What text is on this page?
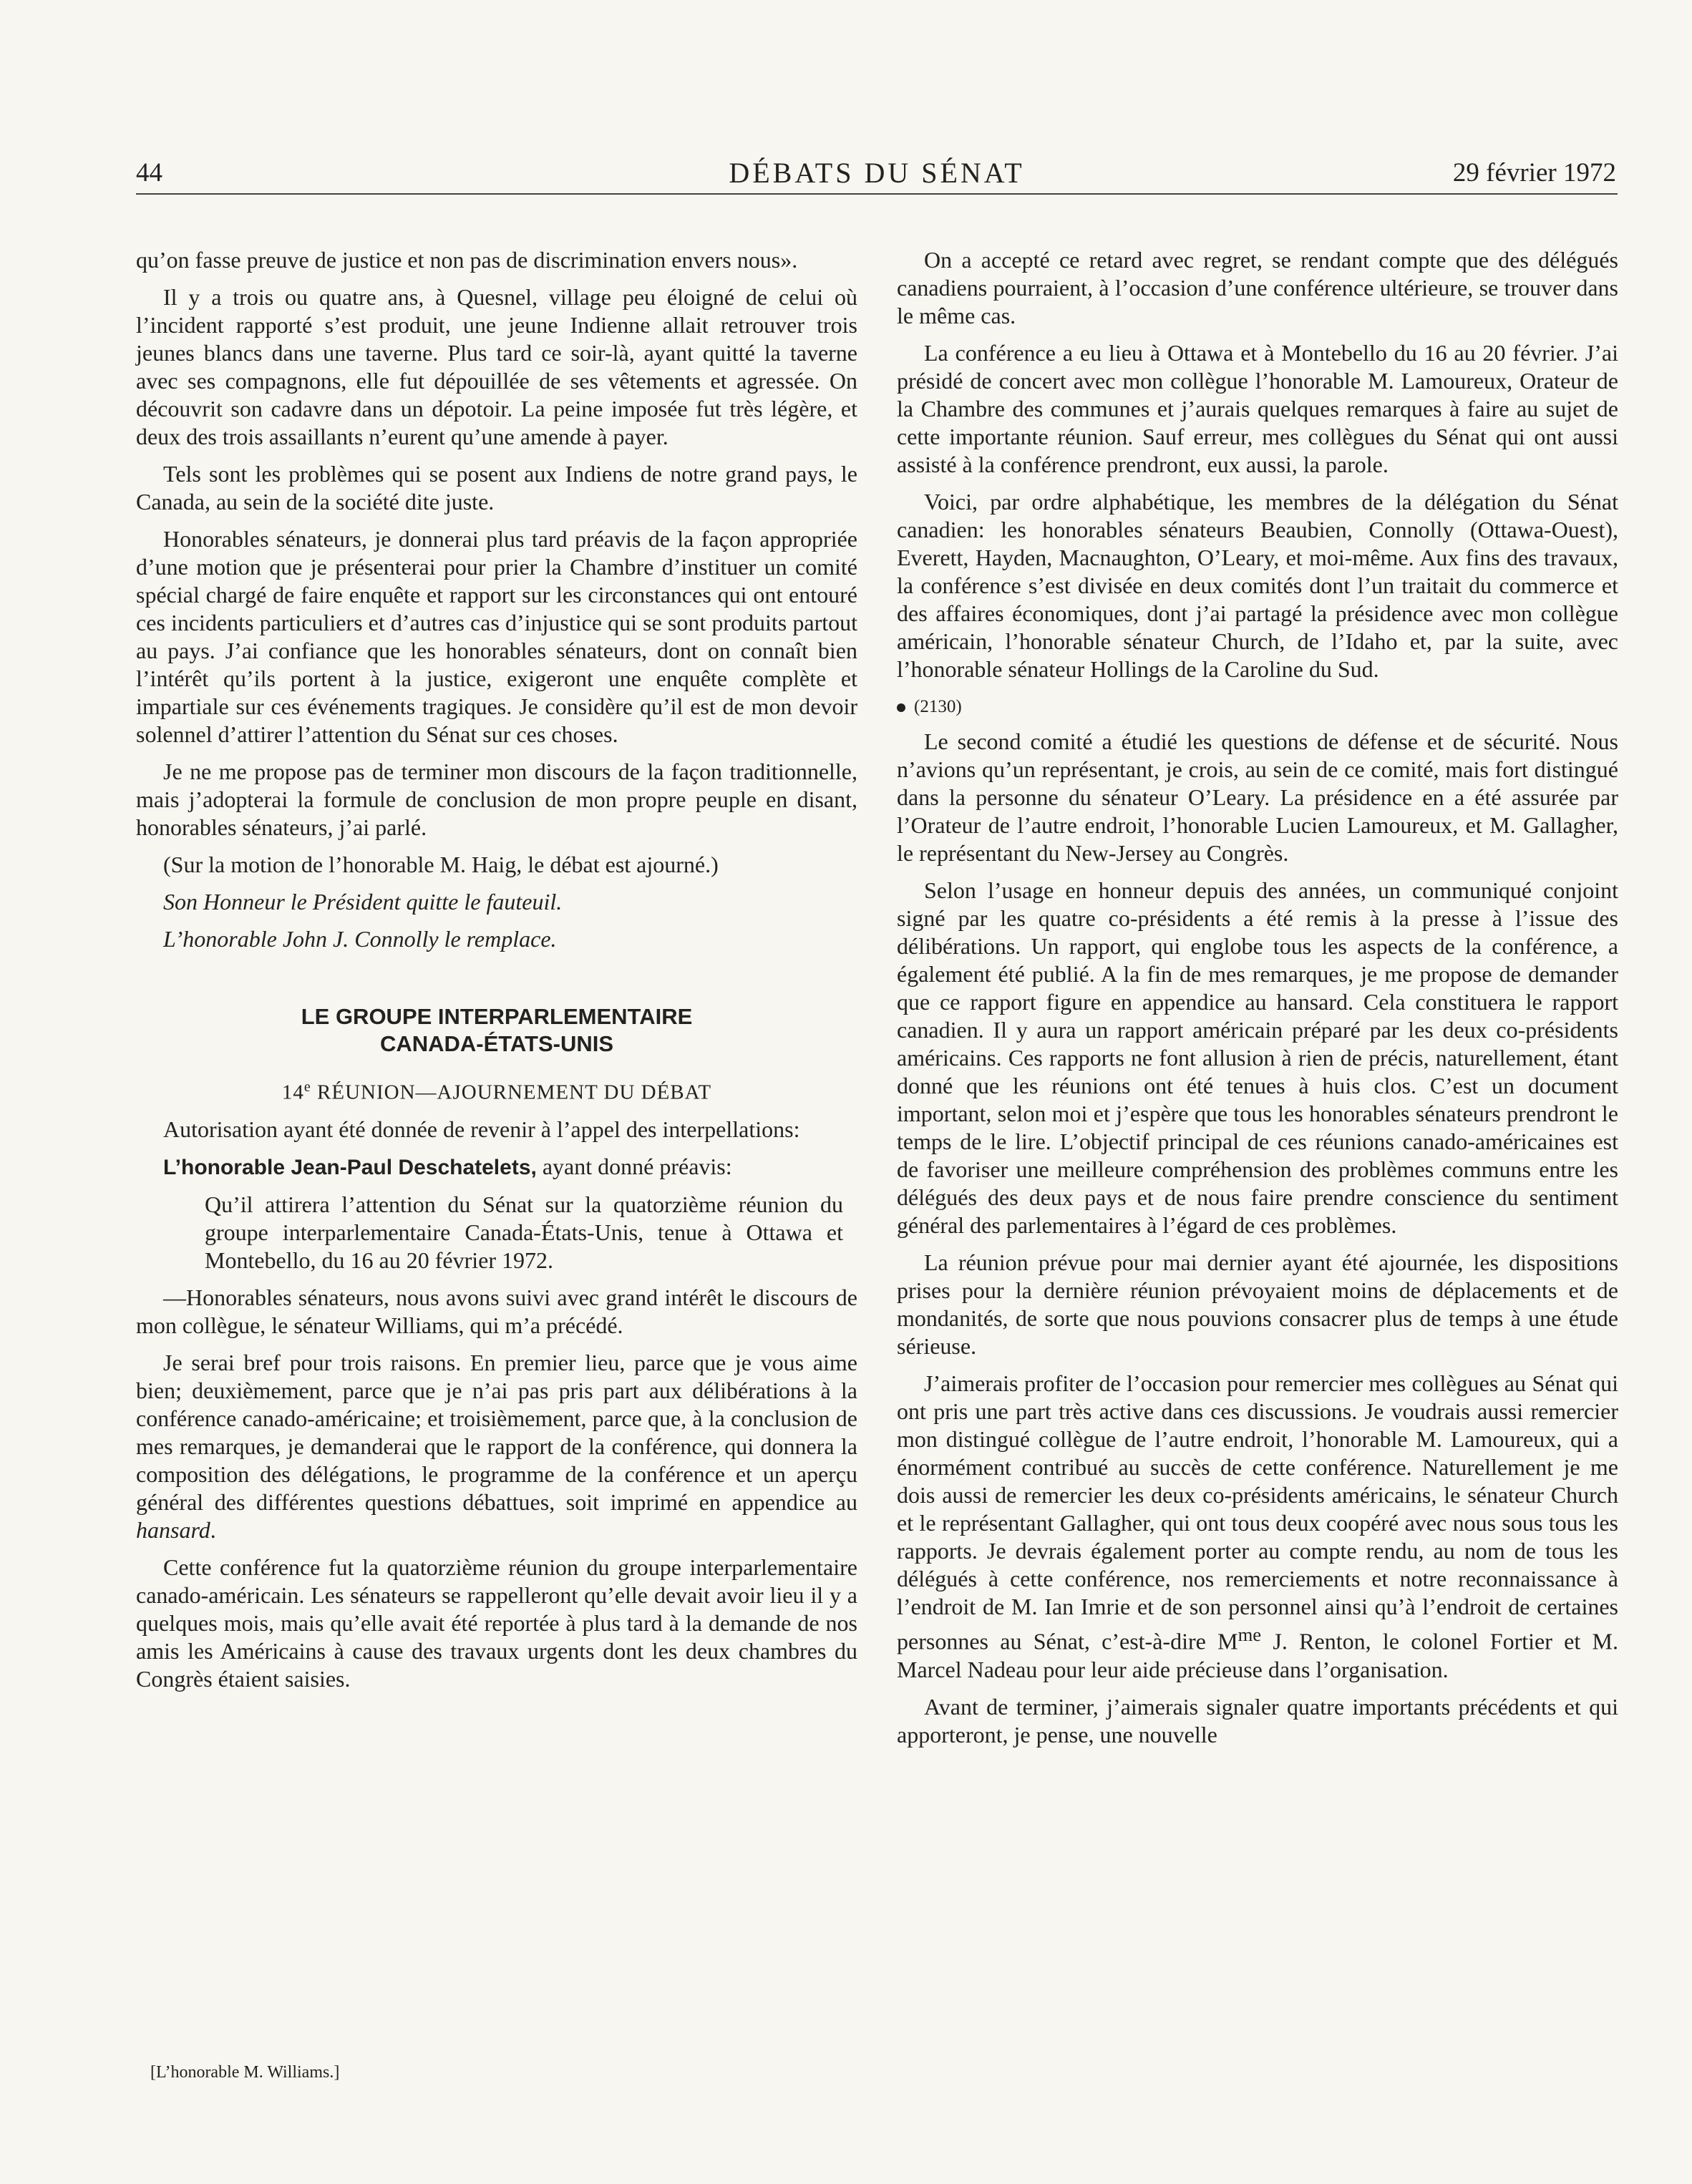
44	DÉBATS DU SÉNAT	29 février 1972

qu’on fasse preuve de justice et non pas de discrimination envers nous».

Il y a trois ou quatre ans, à Quesnel, village peu éloigné de celui où l’incident rapporté s’est produit, une jeune Indienne allait retrouver trois jeunes blancs dans une taverne. Plus tard ce soir-là, ayant quitté la taverne avec ses compagnons, elle fut dépouillée de ses vêtements et agressée. On découvrit son cadavre dans un dépotoir. La peine imposée fut très légère, et deux des trois assaillants n’eurent qu’une amende à payer.

Tels sont les problèmes qui se posent aux Indiens de notre grand pays, le Canada, au sein de la société dite juste.

Honorables sénateurs, je donnerai plus tard préavis de la façon appropriée d’une motion que je présenterai pour prier la Chambre d’instituer un comité spécial chargé de faire enquête et rapport sur les circonstances qui ont entouré ces incidents particuliers et d’autres cas d’injustice qui se sont produits partout au pays. J’ai confiance que les honorables sénateurs, dont on connaît bien l’intérêt qu’ils portent à la justice, exigeront une enquête complète et impartiale sur ces événements tragiques. Je considère qu’il est de mon devoir solennel d’attirer l’attention du Sénat sur ces choses.

Je ne me propose pas de terminer mon discours de la façon traditionnelle, mais j’adopterai la formule de conclusion de mon propre peuple en disant, honorables sénateurs, j’ai parlé.

(Sur la motion de l’honorable M. Haig, le débat est ajourné.)

Son Honneur le Président quitte le fauteuil.

L’honorable John J. Connolly le remplace.

LE GROUPE INTERPARLEMENTAIRE
CANADA-ÉTATS-UNIS
14e RÉUNION—AJOURNEMENT DU DÉBAT

Autorisation ayant été donnée de revenir à l’appel des interpellations:

L’honorable Jean-Paul Deschatelets, ayant donné préavis:

Qu’il attirera l’attention du Sénat sur la quatorzième réunion du groupe interparlementaire Canada-États-Unis, tenue à Ottawa et Montebello, du 16 au 20 février 1972.

—Honorables sénateurs, nous avons suivi avec grand intérêt le discours de mon collègue, le sénateur Williams, qui m’a précédé.

Je serai bref pour trois raisons. En premier lieu, parce que je vous aime bien; deuxièmement, parce que je n’ai pas pris part aux délibérations à la conférence canado-américaine; et troisièmement, parce que, à la conclusion de mes remarques, je demanderai que le rapport de la conférence, qui donnera la composition des délégations, le programme de la conférence et un aperçu général des différentes questions débattues, soit imprimé en appendice au hansard.

Cette conférence fut la quatorzième réunion du groupe interparlementaire canado-américain. Les sénateurs se rappelleront qu’elle devait avoir lieu il y a quelques mois, mais qu’elle avait été reportée à plus tard à la demande de nos amis les Américains à cause des travaux urgents dont les deux chambres du Congrès étaient saisies.

On a accepté ce retard avec regret, se rendant compte que des délégués canadiens pourraient, à l’occasion d’une conférence ultérieure, se trouver dans le même cas.

La conférence a eu lieu à Ottawa et à Montebello du 16 au 20 février. J’ai présidé de concert avec mon collègue l’honorable M. Lamoureux, Orateur de la Chambre des communes et j’aurais quelques remarques à faire au sujet de cette importante réunion. Sauf erreur, mes collègues du Sénat qui ont aussi assisté à la conférence prendront, eux aussi, la parole.

Voici, par ordre alphabétique, les membres de la délégation du Sénat canadien: les honorables sénateurs Beaubien, Connolly (Ottawa-Ouest), Everett, Hayden, Macnaughton, O’Leary, et moi-même. Aux fins des travaux, la conférence s’est divisée en deux comités dont l’un traitait du commerce et des affaires économiques, dont j’ai partagé la présidence avec mon collègue américain, l’honorable sénateur Church, de l’Idaho et, par la suite, avec l’honorable sénateur Hollings de la Caroline du Sud.

(2130)

Le second comité a étudié les questions de défense et de sécurité. Nous n’avions qu’un représentant, je crois, au sein de ce comité, mais fort distingué dans la personne du sénateur O’Leary. La présidence en a été assurée par l’Orateur de l’autre endroit, l’honorable Lucien Lamoureux, et M. Gallagher, le représentant du New-Jersey au Congrès.

Selon l’usage en honneur depuis des années, un communiqué conjoint signé par les quatre co-présidents a été remis à la presse à l’issue des délibérations. Un rapport, qui englobe tous les aspects de la conférence, a également été publié. A la fin de mes remarques, je me propose de demander que ce rapport figure en appendice au hansard. Cela constituera le rapport canadien. Il y aura un rapport américain préparé par les deux co-présidents américains. Ces rapports ne font allusion à rien de précis, naturellement, étant donné que les réunions ont été tenues à huis clos. C’est un document important, selon moi et j’espère que tous les honorables sénateurs prendront le temps de le lire. L’objectif principal de ces réunions canado-américaines est de favoriser une meilleure compréhension des problèmes communs entre les délégués des deux pays et de nous faire prendre conscience du sentiment général des parlementaires à l’égard de ces problèmes.

La réunion prévue pour mai dernier ayant été ajournée, les dispositions prises pour la dernière réunion prévoyaient moins de déplacements et de mondanités, de sorte que nous pouvions consacrer plus de temps à une étude sérieuse.

J’aimerais profiter de l’occasion pour remercier mes collègues au Sénat qui ont pris une part très active dans ces discussions. Je voudrais aussi remercier mon distingué collègue de l’autre endroit, l’honorable M. Lamoureux, qui a énormément contribué au succès de cette conférence. Naturellement je me dois aussi de remercier les deux co-présidents américains, le sénateur Church et le représentant Gallagher, qui ont tous deux coopéré avec nous sous tous les rapports. Je devrais également porter au compte rendu, au nom de tous les délégués à cette conférence, nos remerciements et notre reconnaissance à l’endroit de M. Ian Imrie et de son personnel ainsi qu’à l’endroit de certaines personnes au Sénat, c’est-à-dire $M^{me}$ J. Renton, le colonel Fortier et M. Marcel Nadeau pour leur aide précieuse dans l’organisation.

Avant de terminer, j’aimerais signaler quatre importants précédents et qui apporteront, je pense, une nouvelle

[L’honorable M. Williams.]
